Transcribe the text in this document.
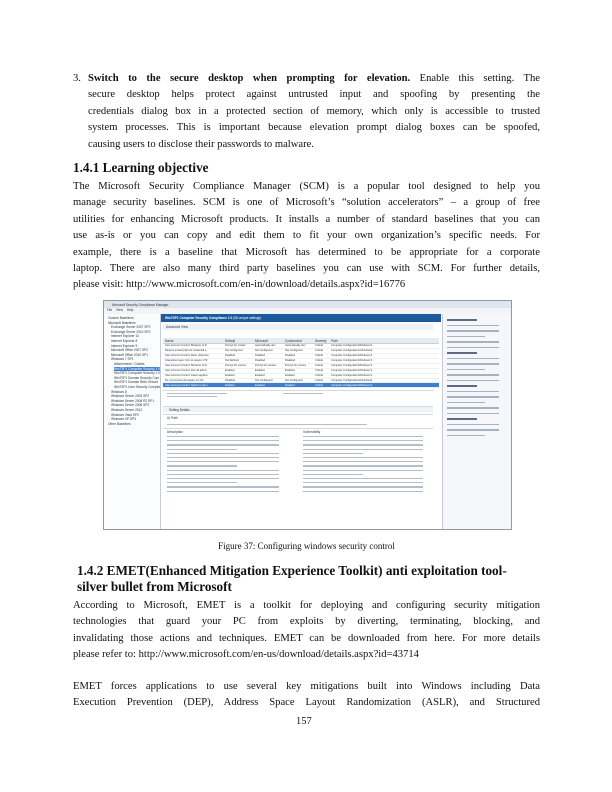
3. Switch to the secure desktop when prompting for elevation. Enable this setting. The
secure desktop helps protect against untrusted input and spoofing by presenting the
credentials dialog box in a protected section of memory, which only is accessible to trusted
system processes. This is important because elevation prompt dialog boxes can be spoofed,
causing users to disclose their passwords to malware.
1.4.1 Learning objective
The Microsoft Security Compliance Manager (SCM) is a popular tool designed to help you
manage security baselines. SCM is one of Microsoft’s “solution accelerators” – a group of free
utilities for enhancing Microsoft products. It installs a number of standard baselines that you can
use as-is or you can copy and edit them to fit your own organization’s specific needs. For
example, there is a baseline that Microsoft has determined to be appropriate for a corporate
laptop. There are also many third party baselines you can use with SCM. For further details,
please visit: http://www.microsoft.com/en-in/download/details.aspx?id=16776
Microsoft Security Compliance Manager
File View Help
Custom Baselines
Microsoft Baselines
Exchange Server 2007 SP2
Exchange Server 2010 SP2
Internet Explorer 10
Internet Explorer 8
Internet Explorer 9
Microsoft Office 2007 SP2
Microsoft Office 2010 SP1
Windows 7 SP1
Attachments \ Guides
Win7SP1 Computer Security 1.0
Win7SP1 Computer Security 1.0
Win7SP1 Domain Security Com
Win7SP1 Domain BitLk Securit
Win7SP1 User Security Complia
Windows 8
Windows Server 2003 SP2
Windows Server 2008 R2 SP1
Windows Server 2008 SP2
Windows Server 2012
Windows Vista SP2
Windows XP SP3
Other Baselines
Win7SP1 Computer Security Compliance 1.0 (58 unique settings)
Advanced View
Name	Default	Microsoft	Customized	Severity Path
User Account Control: Behavior of th	Prompt for creden	Automatically den	Automatically den	Critical	Computer Configuration\Windows S
Require trusted path for credential e	Not Configured	Not Configured	Not Configured	Critical	Computer Configuration\Administrat
User Account Control: Allow UIAccess	Disabled	Disabled	Disabled	Critical	Computer Configuration\Windows S
Interactive logon: Do not require CTF	Not Defined	Disabled	Disabled	Critical	Computer Configuration\Windows S
User Account Control: Behavior of th	Prompt for consen	Prompt for consen	Prompt for consen	Critical	Computer Configuration\Windows S
User Account Control: Run all admin	Enabled	Enabled	Enabled	Critical	Computer Configuration\Windows S
User Account Control: Detect applica	Enabled	Enabled	Enabled	Critical	Computer Configuration\Windows S
Do not process the legacy run list	Disabled	Not Configured	Not Configured	Critical	Computer Configuration\Administrat
User Account Control: Switch to the s	Enabled	Enabled	Enabled	Critical	Computer Configuration\Windows S
Setting Details
UI Path
Description	Vulnerability
Figure 37: Configuring windows security control
1.4.2 EMET(Enhanced Mitigation Experience Toolkit) anti exploitation tool-
silver bullet from Microsoft
According to Microsoft, EMET is a toolkit for deploying and configuring security mitigation
technologies that guard your PC from exploits by diverting, terminating, blocking, and
invalidating those actions and techniques. EMET can be downloaded from here. For more details
please refer to: http://www.microsoft.com/en-us/download/details.aspx?id=43714
EMET forces applications to use several key mitigations built into Windows including Data
Execution Prevention (DEP), Address Space Layout Randomization (ASLR), and Structured
157
